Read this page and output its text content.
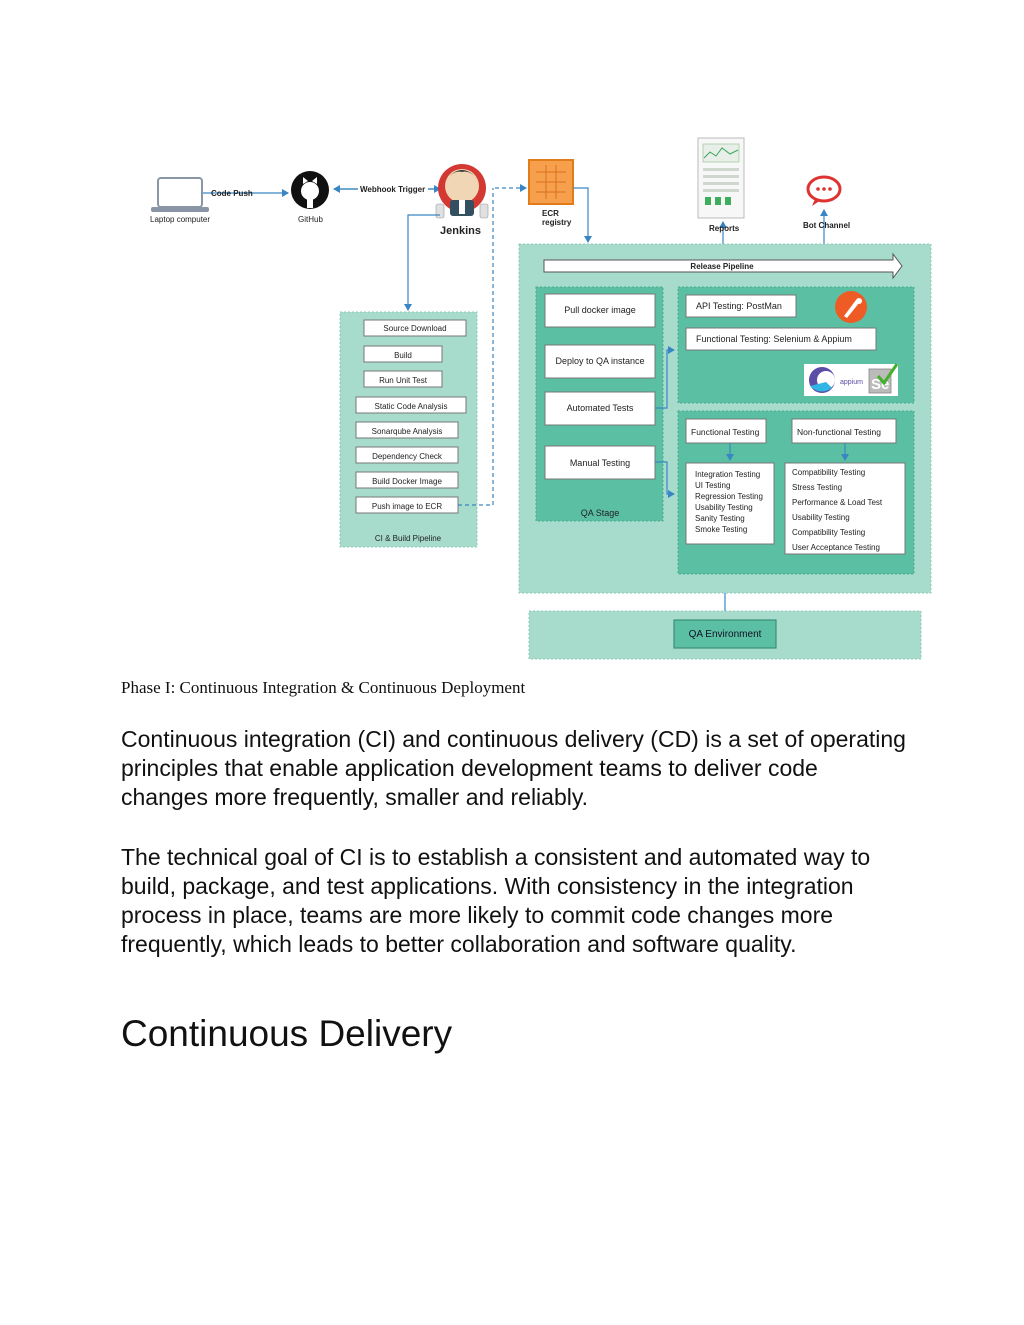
Laptop computer
Code Push
GitHub
Webhook Trigger
Jenkins
ECR registry
Reports	Bot Channel
Source Download
Build
Run Unit Test
Static Code Analysis
Sonarqube Analysis
Dependency Check
Build Docker Image
Push image to ECR
CI & Build Pipeline
Release Pipeline
Pull docker image
Deploy to QA instance
Automated Tests
Manual Testing
QA Stage
API Testing: PostMan
Functional Testing: Selenium & Appium
appium Se
Functional Testing	Non-functional Testing
Integration Testing
UI Testing
Regression Testing
Usability Testing
Sanity Testing
Smoke Testing
Compatibility Testing
Stress Testing
Performance & Load Test
Usability Testing
Compatibility Testing
User Acceptance Testing
QA Environment

Phase I: Continuous Integration & Continuous Deployment

Continuous integration (CI) and continuous delivery (CD) is a set of operating principles that enable application development teams to deliver code changes more frequently, smaller and reliably.

The technical goal of CI is to establish a consistent and automated way to build, package, and test applications. With consistency in the integration process in place, teams are more likely to commit code changes more frequently, which leads to better collaboration and software quality.

Continuous Delivery
